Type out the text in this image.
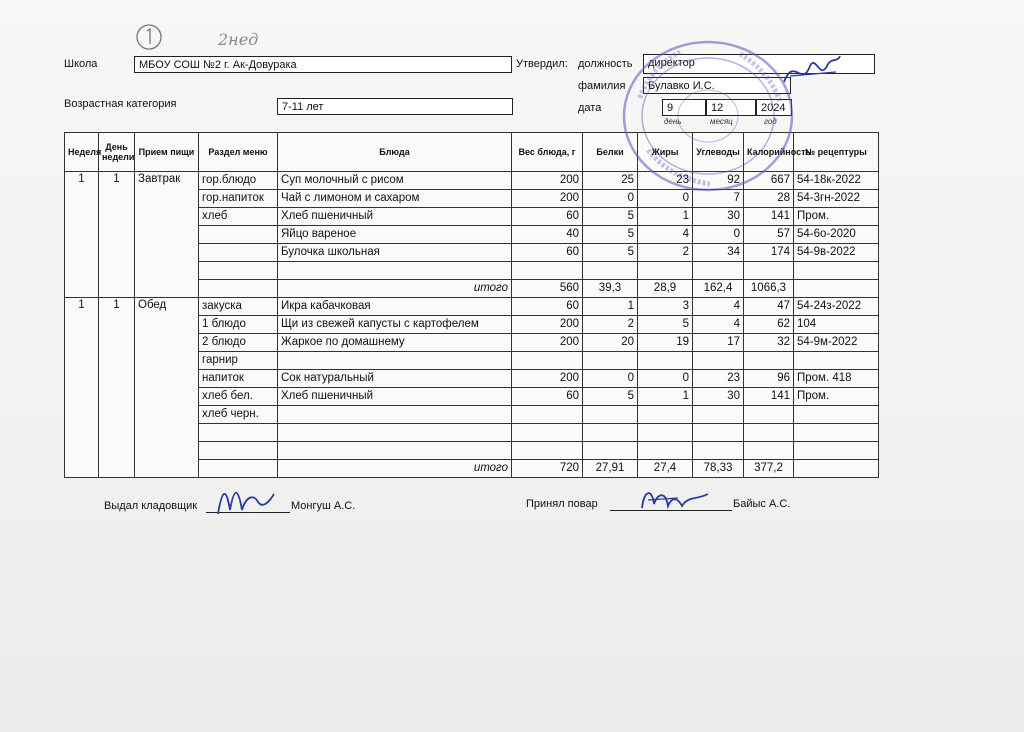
2нед
Школа	МБОУ СОШ №2 г. Ак-Довурака	Утвердил: должность	директор
фамилия	Булавко И.С.
Возрастная категория	7-11 лет	дата	9	12	2024
день	месяц	год
Неделя	День недели	Прием пищи	Раздел меню	Блюда	Вес блюда, г	Белки	Жиры	Углеводы	Калорийность	№ рецептуры
1	1	Завтрак	гор.блюдо	Суп молочный с рисом	200	25	23	92	667	54-18к-2022
			гор.напиток	Чай с лимоном и сахаром	200	0	0	7	28	54-3гн-2022
			хлеб	Хлеб пшеничный	60	5	1	30	141	Пром.
				Яйцо вареное	40	5	4	0	57	54-6о-2020
				Булочка школьная	60	5	2	34	174	54-9в-2022

				итого	560	39,3	28,9	162,4	1066,3	
1	1	Обед	закуска	Икра кабачковая	60	1	3	4	47	54-24з-2022
			1 блюдо	Щи из свежей капусты с картофелем	200	2	5	4	62	104
			2 блюдо	Жаркое по домашнему	200	20	19	17	32	54-9м-2022
			гарнир							
			напиток	Сок натуральный	200	0	0	23	96	Пром. 418
			хлеб бел.	Хлеб пшеничный	60	5	1	30	141	Пром.
			хлеб черн.							

				итого	720	27,91	27,4	78,33	377,2	
Выдал кладовщик	Монгуш А.С.	Принял повар	Байыс А.С.
